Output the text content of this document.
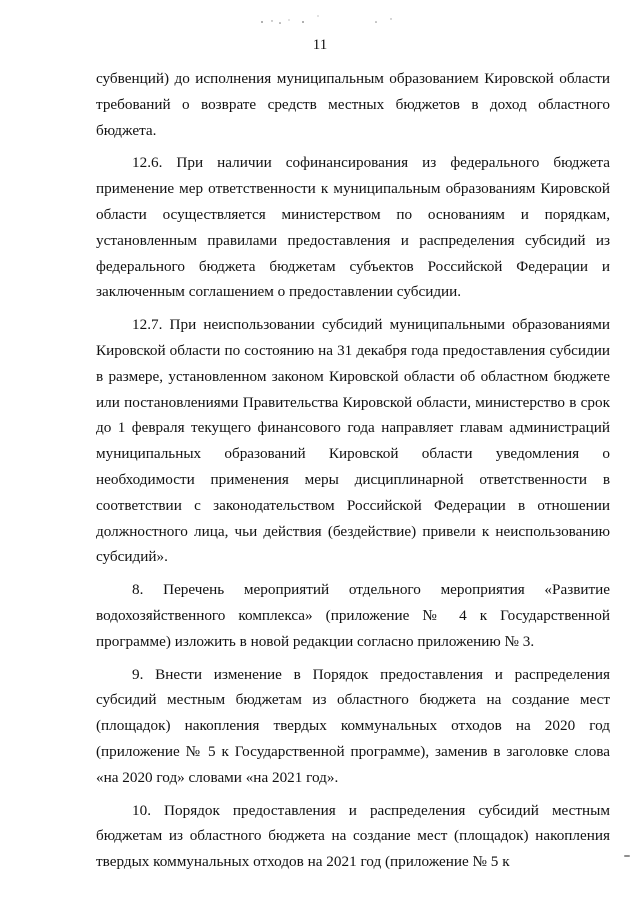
11

субвенций) до исполнения муниципальным образованием Кировской области требований о возврате средств местных бюджетов в доход областного бюджета.

12.6. При наличии софинансирования из федерального бюджета применение мер ответственности к муниципальным образованиям Кировской области осуществляется министерством по основаниям и порядкам, установленным правилами предоставления и распределения субсидий из федерального бюджета бюджетам субъектов Российской Федерации и заключенным соглашением о предоставлении субсидии.

12.7. При неиспользовании субсидий муниципальными образованиями Кировской области по состоянию на 31 декабря года предоставления субсидии в размере, установленном законом Кировской области об областном бюджете или постановлениями Правительства Кировской области, министерство в срок до 1 февраля текущего финансового года направляет главам администраций муниципальных образований Кировской области уведомления о необходимости применения меры дисциплинарной ответственности в соответствии с законодательством Российской Федерации в отношении должностного лица, чьи действия (бездействие) привели к неиспользованию субсидий».

8. Перечень мероприятий отдельного мероприятия «Развитие водохозяйственного комплекса» (приложение № 4 к Государственной программе) изложить в новой редакции согласно приложению № 3.

9. Внести изменение в Порядок предоставления и распределения субсидий местным бюджетам из областного бюджета на создание мест (площадок) накопления твердых коммунальных отходов на 2020 год (приложение № 5 к Государственной программе), заменив в заголовке слова «на 2020 год» словами «на 2021 год».

10. Порядок предоставления и распределения субсидий местным бюджетам из областного бюджета на создание мест (площадок) накопления твердых коммунальных отходов на 2021 год (приложение № 5 к
